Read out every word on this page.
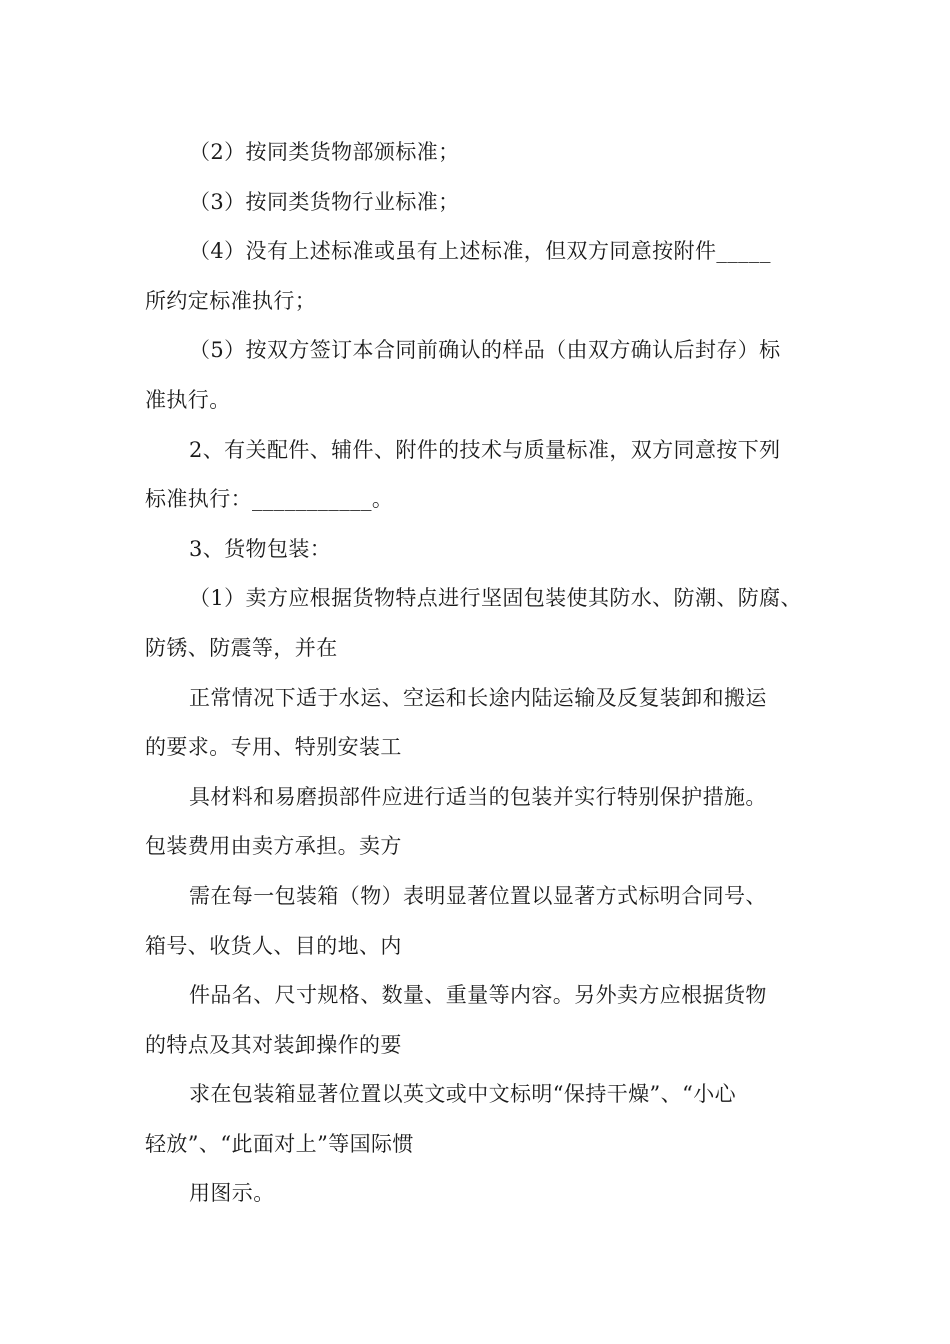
（2）按同类货物部颁标准；

（3）按同类货物行业标准；

（4）没有上述标准或虽有上述标准，但双方同意按附件_____

所约定标准执行；

（5）按双方签订本合同前确认的样品（由双方确认后封存）标

准执行。

2、有关配件、辅件、附件的技术与质量标准，双方同意按下列

标准执行：___________。

3、货物包装：

（1）卖方应根据货物特点进行坚固包装使其防水、防潮、防腐、

防锈、防震等，并在

正常情况下适于水运、空运和长途内陆运输及反复装卸和搬运

的要求。专用、特别安装工

具材料和易磨损部件应进行适当的包装并实行特别保护措施。

包装费用由卖方承担。卖方

需在每一包装箱（物）表明显著位置以显著方式标明合同号、

箱号、收货人、目的地、内

件品名、尺寸规格、数量、重量等内容。另外卖方应根据货物

的特点及其对装卸操作的要

求在包装箱显著位置以英文或中文标明“保持干燥”、“小心

轻放”、“此面对上”等国际惯

用图示。
